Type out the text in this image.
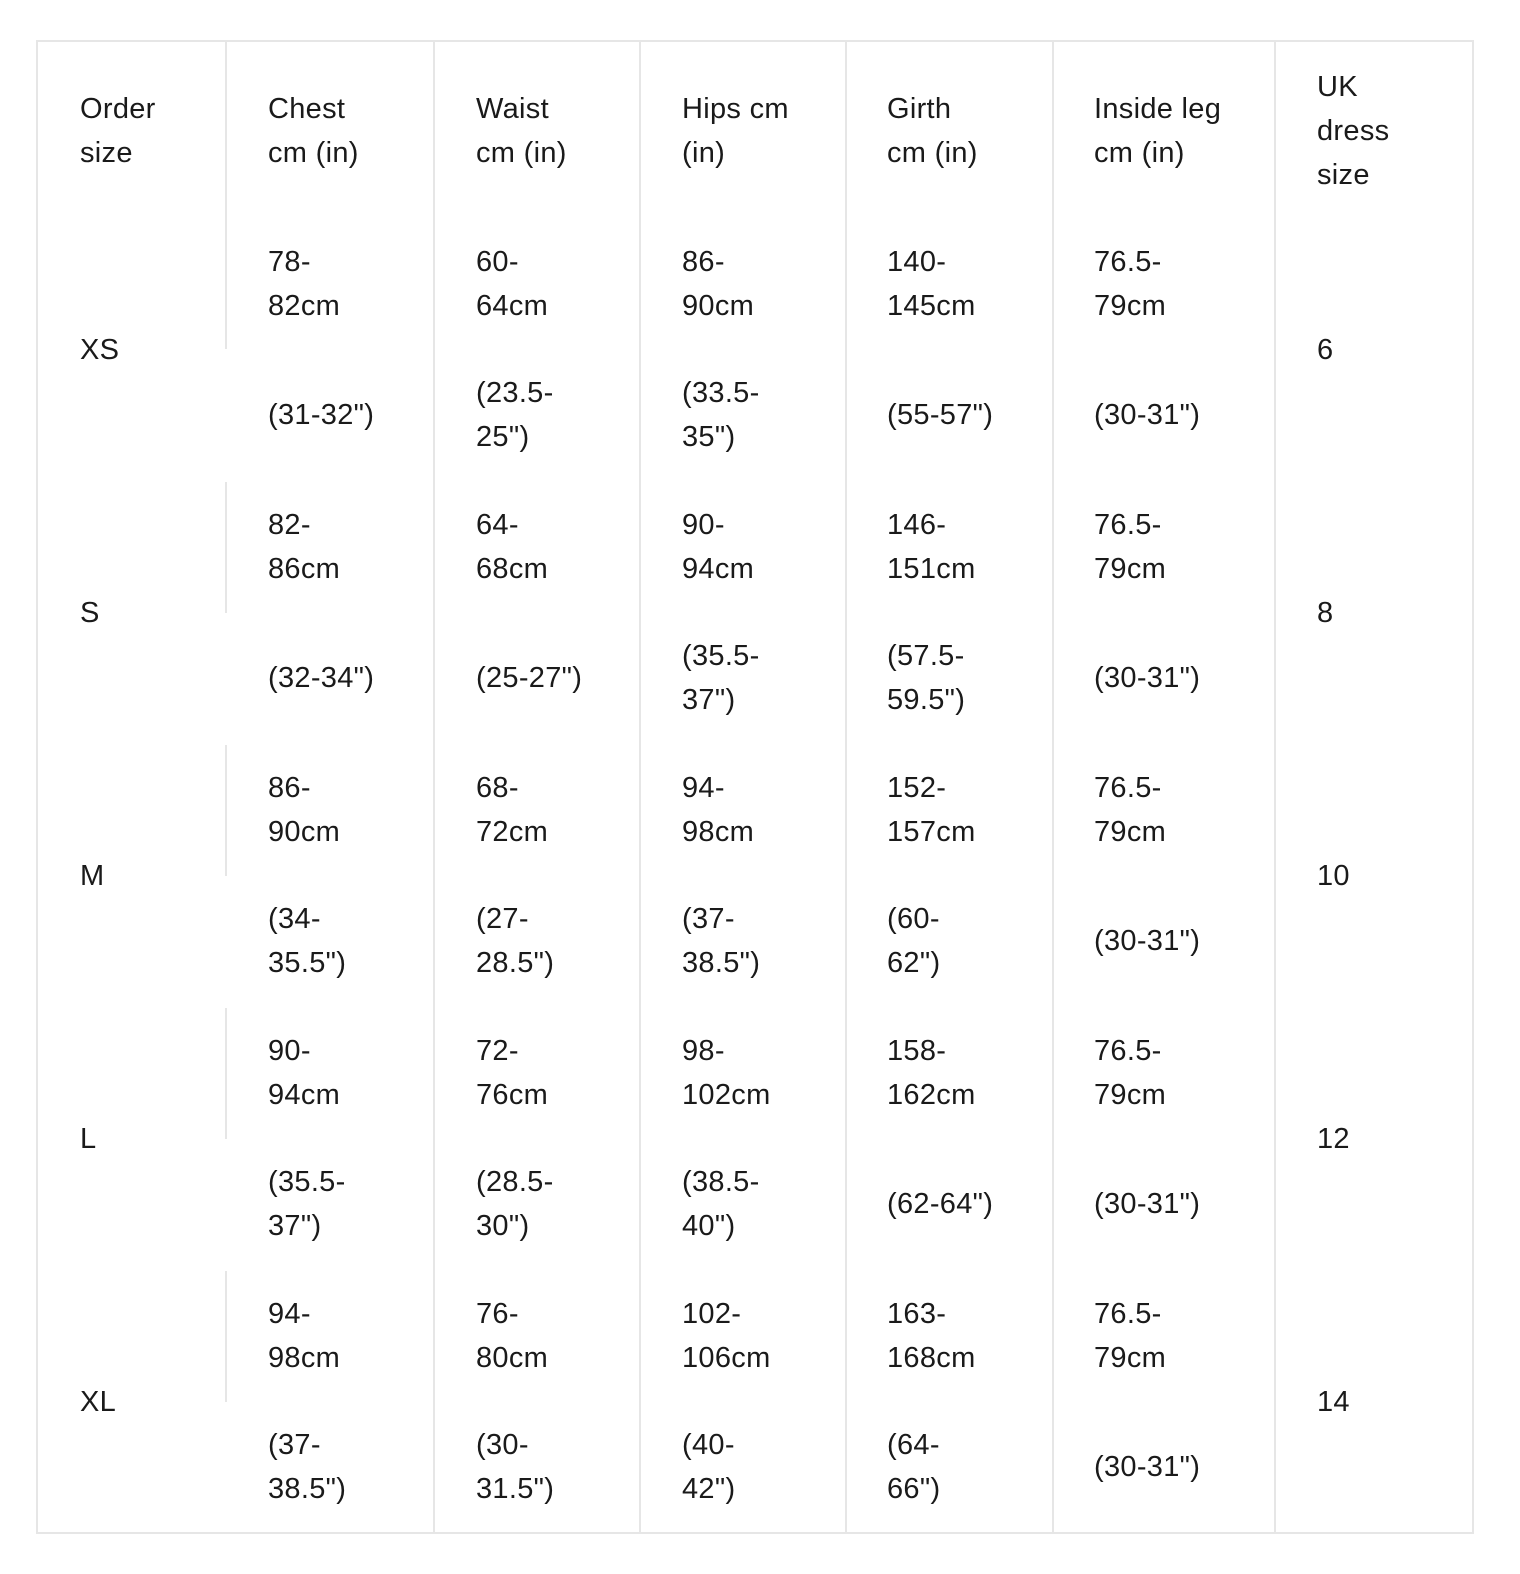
Order
size
Chest
cm (in)
Waist
cm (in)
Hips cm
(in)
Girth
cm (in)
Inside leg
cm (in)
UK
dress
size
XS
78-
82cm
(31-32")
60-
64cm
(23.5-
25")
86-
90cm
(33.5-
35")
140-
145cm
(55-57")
76.5-
79cm
(30-31")
6
S
82-
86cm
(32-34")
64-
68cm
(25-27")
90-
94cm
(35.5-
37")
146-
151cm
(57.5-
59.5")
76.5-
79cm
(30-31")
8
M
86-
90cm
(34-
35.5")
68-
72cm
(27-
28.5")
94-
98cm
(37-
38.5")
152-
157cm
(60-
62")
76.5-
79cm
(30-31")
10
L
90-
94cm
(35.5-
37")
72-
76cm
(28.5-
30")
98-
102cm
(38.5-
40")
158-
162cm
(62-64")
76.5-
79cm
(30-31")
12
XL
94-
98cm
(37-
38.5")
76-
80cm
(30-
31.5")
102-
106cm
(40-
42")
163-
168cm
(64-
66")
76.5-
79cm
(30-31")
14
